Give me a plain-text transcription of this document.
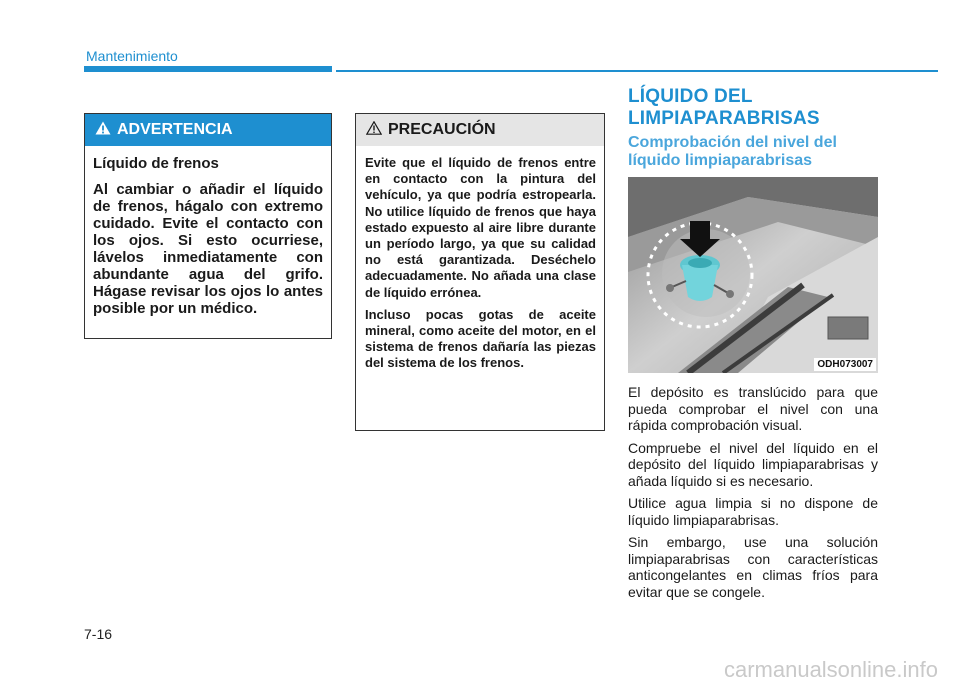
Mantenimiento
ADVERTENCIA
Líquido de frenos

Al cambiar o añadir el líquido de frenos, hágalo con extremo cuidado. Evite el contacto con los ojos. Si esto ocurriese, lávelos inmediatamente con abundante agua del grifo. Hágase revisar los ojos lo antes posible por un médico.

PRECAUCIÓN

Evite que el líquido de frenos entre en contacto con la pintura del vehículo, ya que podría estropearla. No utilice líquido de frenos que haya estado expuesto al aire libre durante un período largo, ya que su calidad no está garantizada. Deséchelo adecuadamente. No añada una clase de líquido errónea.

Incluso pocas gotas de aceite mineral, como aceite del motor, en el sistema de frenos dañaría las piezas del sistema de los frenos.

LÍQUIDO DEL
LIMPIAPARABRISAS
Comprobación del nivel del líquido limpiaparabrisas
ODH073007

El depósito es translúcido para que pueda comprobar el nivel con una rápida comprobación visual.

Compruebe el nivel del líquido en el depósito del líquido limpiaparabrisas y añada líquido si es necesario.

Utilice agua limpia si no dispone de líquido limpiaparabrisas.

Sin embargo, use una solución limpiaparabrisas con características anticongelantes en climas fríos para evitar que se congele.

7-16
carmanualsonline.info
